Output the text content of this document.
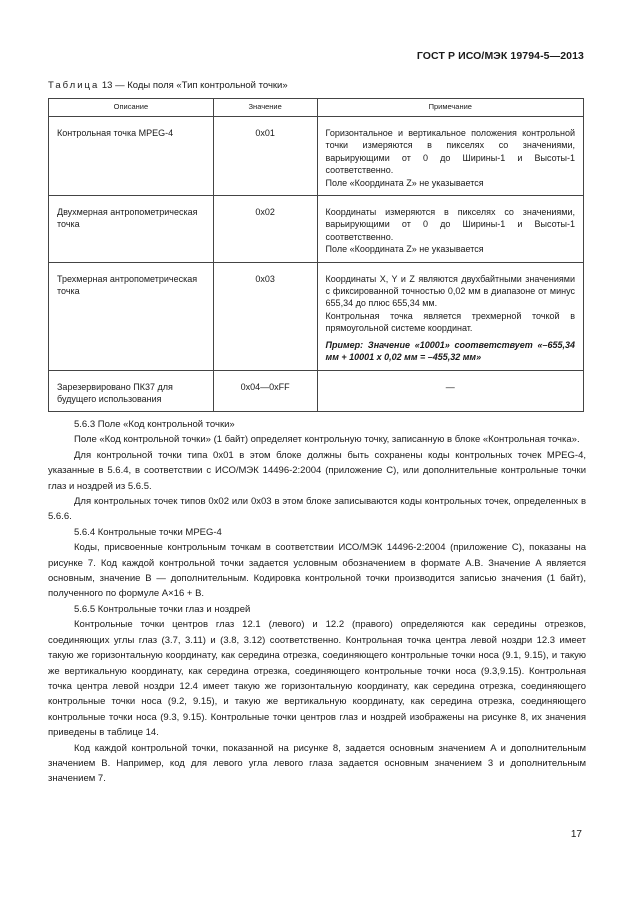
ГОСТ Р ИСО/МЭК 19794-5—2013
Таблица 13 — Коды поля «Тип контрольной точки»
Описание	Значение	Примечание
Контрольная точка MPEG-4	0x01	Горизонтальное и вертикальное положения контрольной точки измеряются в пикселях со значениями, варьирующими от 0 до Ширины-1 и Высоты-1 соответственно.
Поле «Координата Z» не указывается

Двухмерная антропометрическая точка	0x02	Координаты измеряются в пикселях со значениями, варьирующими от 0 до Ширины-1 и Высоты-1 соответственно.
Поле «Координата Z» не указывается

Трехмерная антропометрическая точка	0x03	Координаты X, Y и Z являются двухбайтными значениями с фиксированной точностью 0,02 мм в диапазоне от минус 655,34 до плюс 655,34 мм.
Контрольная точка является трехмерной точкой в прямоугольной системе координат.
Пример: Значение «10001» соответствует «–655,34 мм + 10001 х 0,02 мм = –455,32 мм»

Зарезервировано ПК37 для будущего использования	0x04—0xFF	—

5.6.3 Поле «Код контрольной точки»

Поле «Код контрольной точки» (1 байт) определяет контрольную точку, записанную в блоке «Контрольная точка».

Для контрольной точки типа 0х01 в этом блоке должны быть сохранены коды контрольных точек MPEG-4, указанные в 5.6.4, в соответствии с ИСО/МЭК 14496-2:2004 (приложение С), или дополнительные контрольные точки глаз и ноздрей из 5.6.5.

Для контрольных точек типов 0х02 или 0х03 в этом блоке записываются коды контрольных точек, определенных в 5.6.6.

5.6.4 Контрольные точки MPEG-4

Коды, присвоенные контрольным точкам в соответствии ИСО/МЭК 14496-2:2004 (приложение С), показаны на рисунке 7. Код каждой контрольной точки задается условным обозначением в формате A.B. Значение A является основным, значение B — дополнительным. Кодировка контрольной точки производится записью значения (1 байт), полученного по формуле A×16 + B.

5.6.5 Контрольные точки глаз и ноздрей

Контрольные точки центров глаз 12.1 (левого) и 12.2 (правого) определяются как середины отрезков, соединяющих углы глаз (3.7, 3.11) и (3.8, 3.12) соответственно. Контрольная точка центра левой ноздри 12.3 имеет такую же горизонтальную координату, как середина отрезка, соединяющего контрольные точки носа (9.1, 9.15), и такую же вертикальную координату, как середина отрезка, соединяющего контрольные точки носа (9.3,9.15). Контрольная точка центра левой ноздри 12.4 имеет такую же горизонтальную координату, как середина отрезка, соединяющего контрольные точки носа (9.2, 9.15), и такую же вертикальную координату, как середина отрезка, соединяющего контрольные точки носа (9.3, 9.15). Контрольные точки центров глаз и ноздрей изображены на рисунке 8, их значения приведены в таблице 14.

Код каждой контрольной точки, показанной на рисунке 8, задается основным значением A и дополнительным значением B. Например, код для левого угла левого глаза задается основным значением 3 и дополнительным значением 7.

17
